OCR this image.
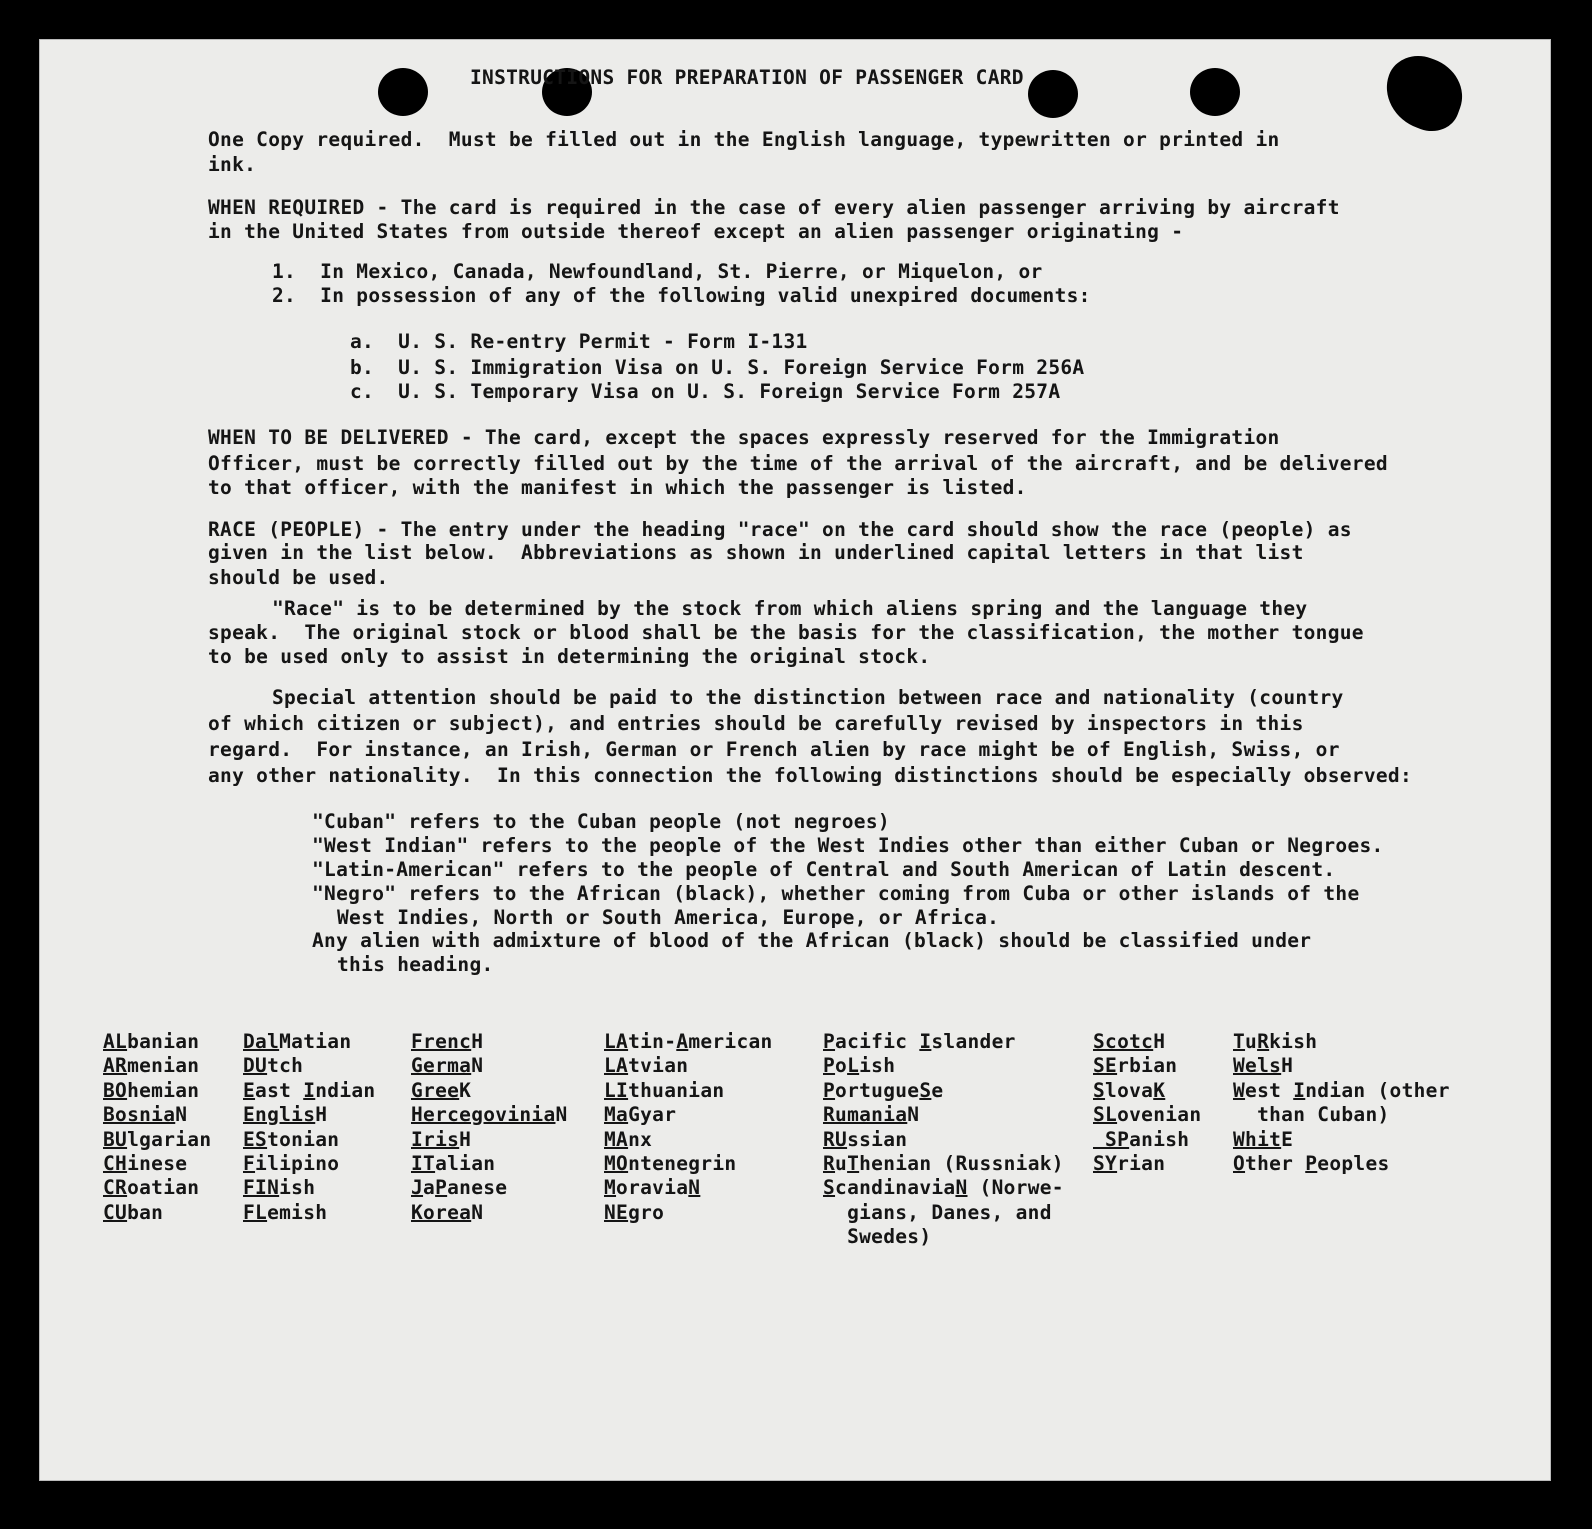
INSTRUCTIONS FOR PREPARATION OF PASSENGER CARD
One Copy required.  Must be filled out in the English language, typewritten or printed in
ink.
WHEN REQUIRED - The card is required in the case of every alien passenger arriving by aircraft
in the United States from outside thereof except an alien passenger originating -
1.  In Mexico, Canada, Newfoundland, St. Pierre, or Miquelon, or
2.  In possession of any of the following valid unexpired documents:
a.  U. S. Re-entry Permit - Form I-131
b.  U. S. Immigration Visa on U. S. Foreign Service Form 256A
c.  U. S. Temporary Visa on U. S. Foreign Service Form 257A
WHEN TO BE DELIVERED - The card, except the spaces expressly reserved for the Immigration
Officer, must be correctly filled out by the time of the arrival of the aircraft, and be delivered
to that officer, with the manifest in which the passenger is listed.
RACE (PEOPLE) - The entry under the heading "race" on the card should show the race (people) as
given in the list below.  Abbreviations as shown in underlined capital letters in that list
should be used.
"Race" is to be determined by the stock from which aliens spring and the language they
speak.  The original stock or blood shall be the basis for the classification, the mother tongue
to be used only to assist in determining the original stock.
Special attention should be paid to the distinction between race and nationality (country
of which citizen or subject), and entries should be carefully revised by inspectors in this
regard.  For instance, an Irish, German or French alien by race might be of English, Swiss, or
any other nationality.  In this connection the following distinctions should be especially observed:
"Cuban" refers to the Cuban people (not negroes)
"West Indian" refers to the people of the West Indies other than either Cuban or Negroes.
"Latin-American" refers to the people of Central and South American of Latin descent.
"Negro" refers to the African (black), whether coming from Cuba or other islands of the
West Indies, North or South America, Europe, or Africa.
Any alien with admixture of blood of the African (black) should be classified under
this heading.
ALbanian
ARmenian
BOhemian
BosniaN
BUlgarian
CHinese
CRoatian
CUban
DalMatian
DUtch
East Indian
EnglisH
EStonian
Filipino
FINish
FLemish
FrencH
GermaN
GreeK
HercegoviniaN
IrisH
ITalian
JaPanese
KoreaN
LAtin-American
LAtvian
LIthuanian
MaGyar
MAnx
MOntenegrin
MoraviaN
NEgro
Pacific Islander
PoLish
PortugueSe
RumaniaN
RUssian
RuThenian (Russniak)
ScandinaviaN (Norwe-
gians, Danes, and
Swedes)
ScotcH
SErbian
SlovaK
SLovenian
SPanish
SYrian
TuRkish
WelsH
West Indian (other
than Cuban)
WhitE
Other Peoples
